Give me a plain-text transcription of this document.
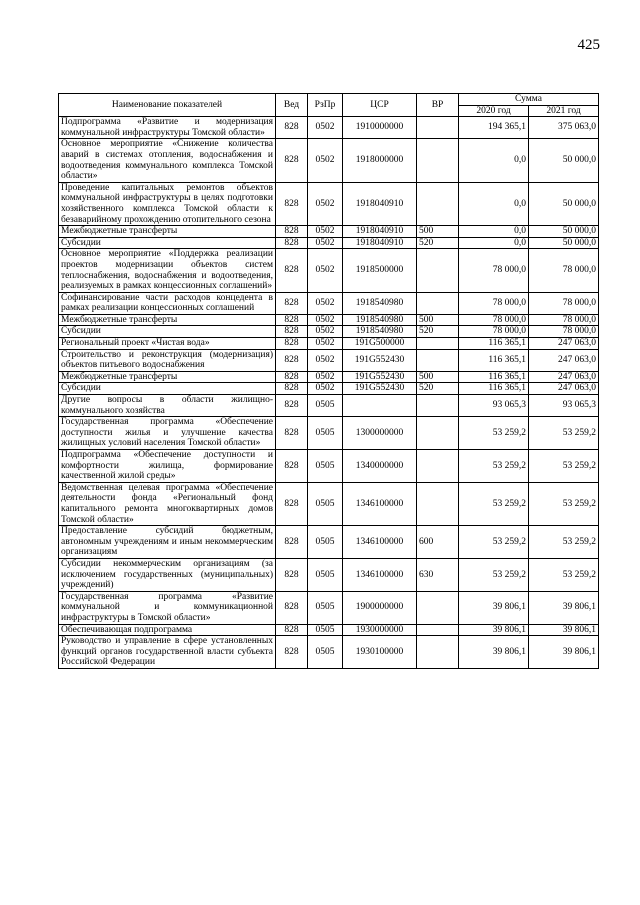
425
Наименование показателей	Вед	РзПр	ЦСР	ВР	Сумма	
					2020 год	2021 год
Подпрограмма «Развитие и модернизация коммунальной инфраструктуры Томской области»	828	0502	1910000000		194 365,1	375 063,0
Основное мероприятие «Снижение количества аварий в системах отопления, водоснабжения и водоотведения коммунального комплекса Томской области»	828	0502	1918000000		0,0	50 000,0
Проведение капитальных ремонтов объектов коммунальной инфраструктуры в целях подготовки хозяйственного комплекса Томской области к безаварийному прохождению отопительного сезона	828	0502	1918040910		0,0	50 000,0
Межбюджетные трансферты	828	0502	1918040910	500	0,0	50 000,0
Субсидии	828	0502	1918040910	520	0,0	50 000,0
Основное мероприятие «Поддержка реализации проектов модернизации объектов систем теплоснабжения, водоснабжения и водоотведения, реализуемых в рамках концессионных соглашений»	828	0502	1918500000		78 000,0	78 000,0
Софинансирование части расходов концедента в рамках реализации концессионных соглашений	828	0502	1918540980		78 000,0	78 000,0
Межбюджетные трансферты	828	0502	1918540980	500	78 000,0	78 000,0
Субсидии	828	0502	1918540980	520	78 000,0	78 000,0
Региональный проект «Чистая вода»	828	0502	191G500000		116 365,1	247 063,0
Строительство и реконструкция (модернизация) объектов питьевого водоснабжения	828	0502	191G552430		116 365,1	247 063,0
Межбюджетные трансферты	828	0502	191G552430	500	116 365,1	247 063,0
Субсидии	828	0502	191G552430	520	116 365,1	247 063,0
Другие вопросы в области жилищно-коммунального хозяйства	828	0505			93 065,3	93 065,3
Государственная программа «Обеспечение доступности жилья и улучшение качества жилищных условий населения Томской области»	828	0505	1300000000		53 259,2	53 259,2
Подпрограмма «Обеспечение доступности и комфортности жилища, формирование качественной жилой среды»	828	0505	1340000000		53 259,2	53 259,2
Ведомственная целевая программа «Обеспечение деятельности фонда «Региональный фонд капитального ремонта многоквартирных домов Томской области»	828	0505	1346100000		53 259,2	53 259,2
Предоставление субсидий бюджетным, автономным учреждениям и иным некоммерческим организациям	828	0505	1346100000	600	53 259,2	53 259,2
Субсидии некоммерческим организациям (за исключением государственных (муниципальных) учреждений)	828	0505	1346100000	630	53 259,2	53 259,2
Государственная программа «Развитие коммунальной и коммуникационной инфраструктуры в Томской области»	828	0505	1900000000		39 806,1	39 806,1
Обеспечивающая подпрограмма	828	0505	1930000000		39 806,1	39 806,1
Руководство и управление в сфере установленных функций органов государственной власти субъекта Российской Федерации	828	0505	1930100000		39 806,1	39 806,1
